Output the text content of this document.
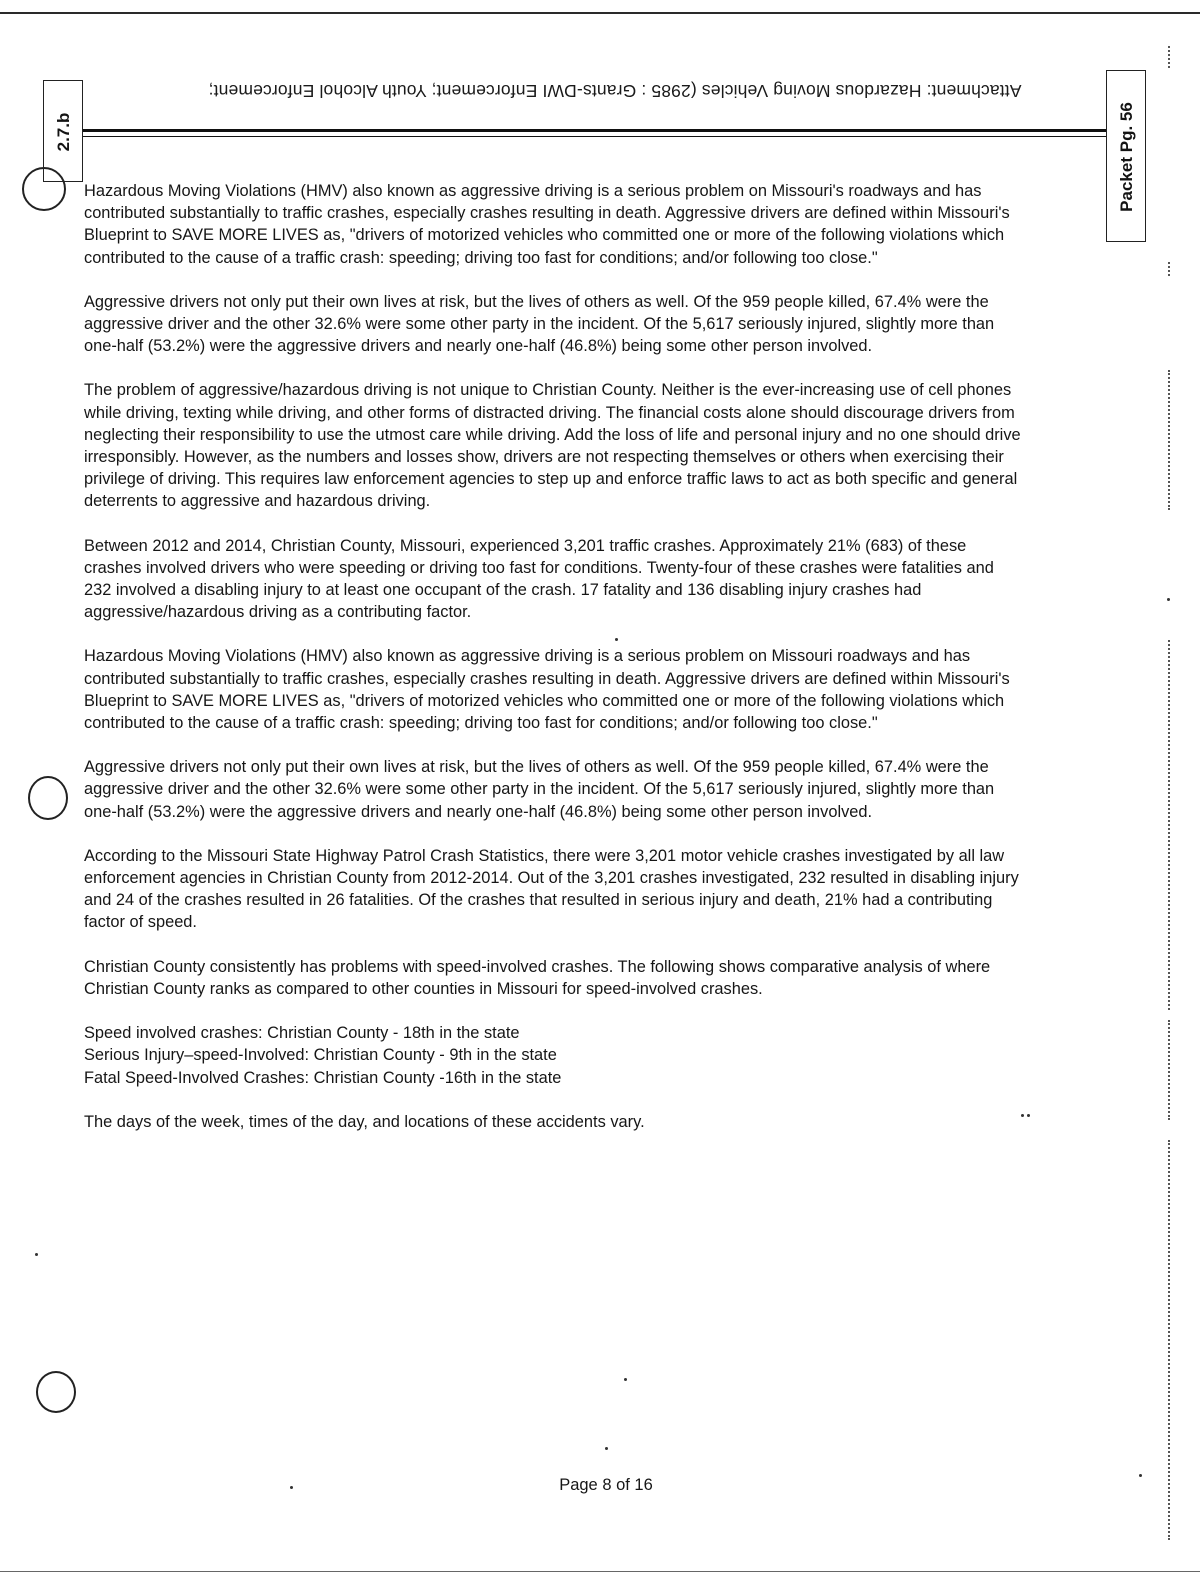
Attachment: Hazardous Moving Vehicles (2985 : Grants-DWI Enforcement; Youth Alcohol Enforcement;
2.7.b	Packet Pg. 56

Hazardous Moving Violations (HMV) also known as aggressive driving is a serious problem on Missouri's roadways and has contributed substantially to traffic crashes, especially crashes resulting in death. Aggressive drivers are defined within Missouri's Blueprint to SAVE MORE LIVES as, "drivers of motorized vehicles who committed one or more of the following violations which contributed to the cause of a traffic crash: speeding; driving too fast for conditions; and/or following too close."

Aggressive drivers not only put their own lives at risk, but the lives of others as well. Of the 959 people killed, 67.4% were the aggressive driver and the other 32.6% were some other party in the incident. Of the 5,617 seriously injured, slightly more than one-half (53.2%) were the aggressive drivers and nearly one-half (46.8%) being some other person involved.

The problem of aggressive/hazardous driving is not unique to Christian County. Neither is the ever-increasing use of cell phones while driving, texting while driving, and other forms of distracted driving. The financial costs alone should discourage drivers from neglecting their responsibility to use the utmost care while driving. Add the loss of life and personal injury and no one should drive irresponsibly. However, as the numbers and losses show, drivers are not respecting themselves or others when exercising their privilege of driving. This requires law enforcement agencies to step up and enforce traffic laws to act as both specific and general deterrents to aggressive and hazardous driving.

Between 2012 and 2014, Christian County, Missouri, experienced 3,201 traffic crashes. Approximately 21% (683) of these crashes involved drivers who were speeding or driving too fast for conditions. Twenty-four of these crashes were fatalities and 232 involved a disabling injury to at least one occupant of the crash. 17 fatality and 136 disabling injury crashes had aggressive/hazardous driving as a contributing factor.

Hazardous Moving Violations (HMV) also known as aggressive driving is a serious problem on Missouri roadways and has contributed substantially to traffic crashes, especially crashes resulting in death. Aggressive drivers are defined within Missouri's Blueprint to SAVE MORE LIVES as, "drivers of motorized vehicles who committed one or more of the following violations which contributed to the cause of a traffic crash: speeding; driving too fast for conditions; and/or following too close."

Aggressive drivers not only put their own lives at risk, but the lives of others as well. Of the 959 people killed, 67.4% were the aggressive driver and the other 32.6% were some other party in the incident. Of the 5,617 seriously injured, slightly more than one-half (53.2%) were the aggressive drivers and nearly one-half (46.8%) being some other person involved.

According to the Missouri State Highway Patrol Crash Statistics, there were 3,201 motor vehicle crashes investigated by all law enforcement agencies in Christian County from 2012-2014. Out of the 3,201 crashes investigated, 232 resulted in disabling injury and 24 of the crashes resulted in 26 fatalities. Of the crashes that resulted in serious injury and death, 21% had a contributing factor of speed.

Christian County consistently has problems with speed-involved crashes. The following shows comparative analysis of where Christian County ranks as compared to other counties in Missouri for speed-involved crashes.

Speed involved crashes: Christian County - 18th in the state

Serious Injury–speed-Involved: Christian County - 9th in the state

Fatal Speed-Involved Crashes: Christian County -16th in the state

The days of the week, times of the day, and locations of these accidents vary.

Page 8 of 16
